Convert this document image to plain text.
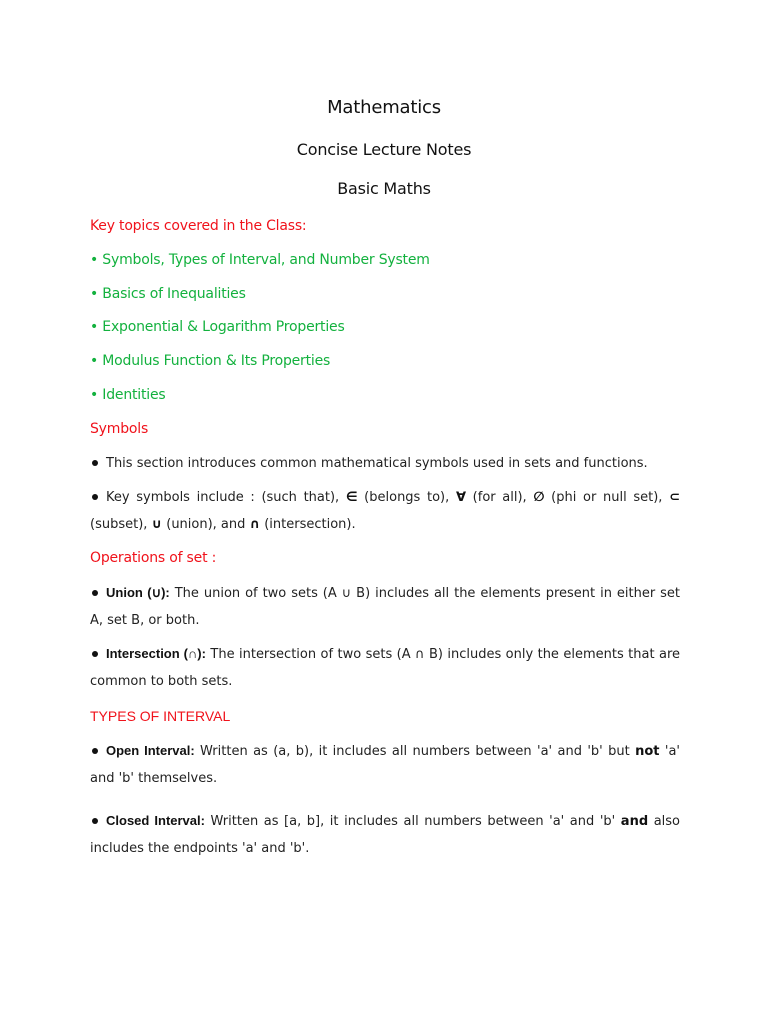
Mathematics
Concise Lecture Notes
Basic Maths
Key topics covered in the Class:
• Symbols, Types of Interval, and Number System
• Basics of Inequalities
• Exponential & Logarithm Properties
• Modulus Function & Its Properties
• Identities
Symbols
This section introduces common mathematical symbols used in sets and functions.
Key symbols include : (such that), ∈ (belongs to), ∀ (for all), ∅ (phi or null set), ⊂ (subset), ∪ (union), and ∩ (intersection).
Operations of set :
Union (∪): The union of two sets (A ∪ B) includes all the elements present in either set A, set B, or both.
Intersection (∩): The intersection of two sets (A ∩ B) includes only the elements that are common to both sets.
TYPES OF INTERVAL
Open Interval: Written as (a, b), it includes all numbers between 'a' and 'b' but not 'a' and 'b' themselves.
Closed Interval: Written as [a, b], it includes all numbers between 'a' and 'b' and also includes the endpoints 'a' and 'b'.
